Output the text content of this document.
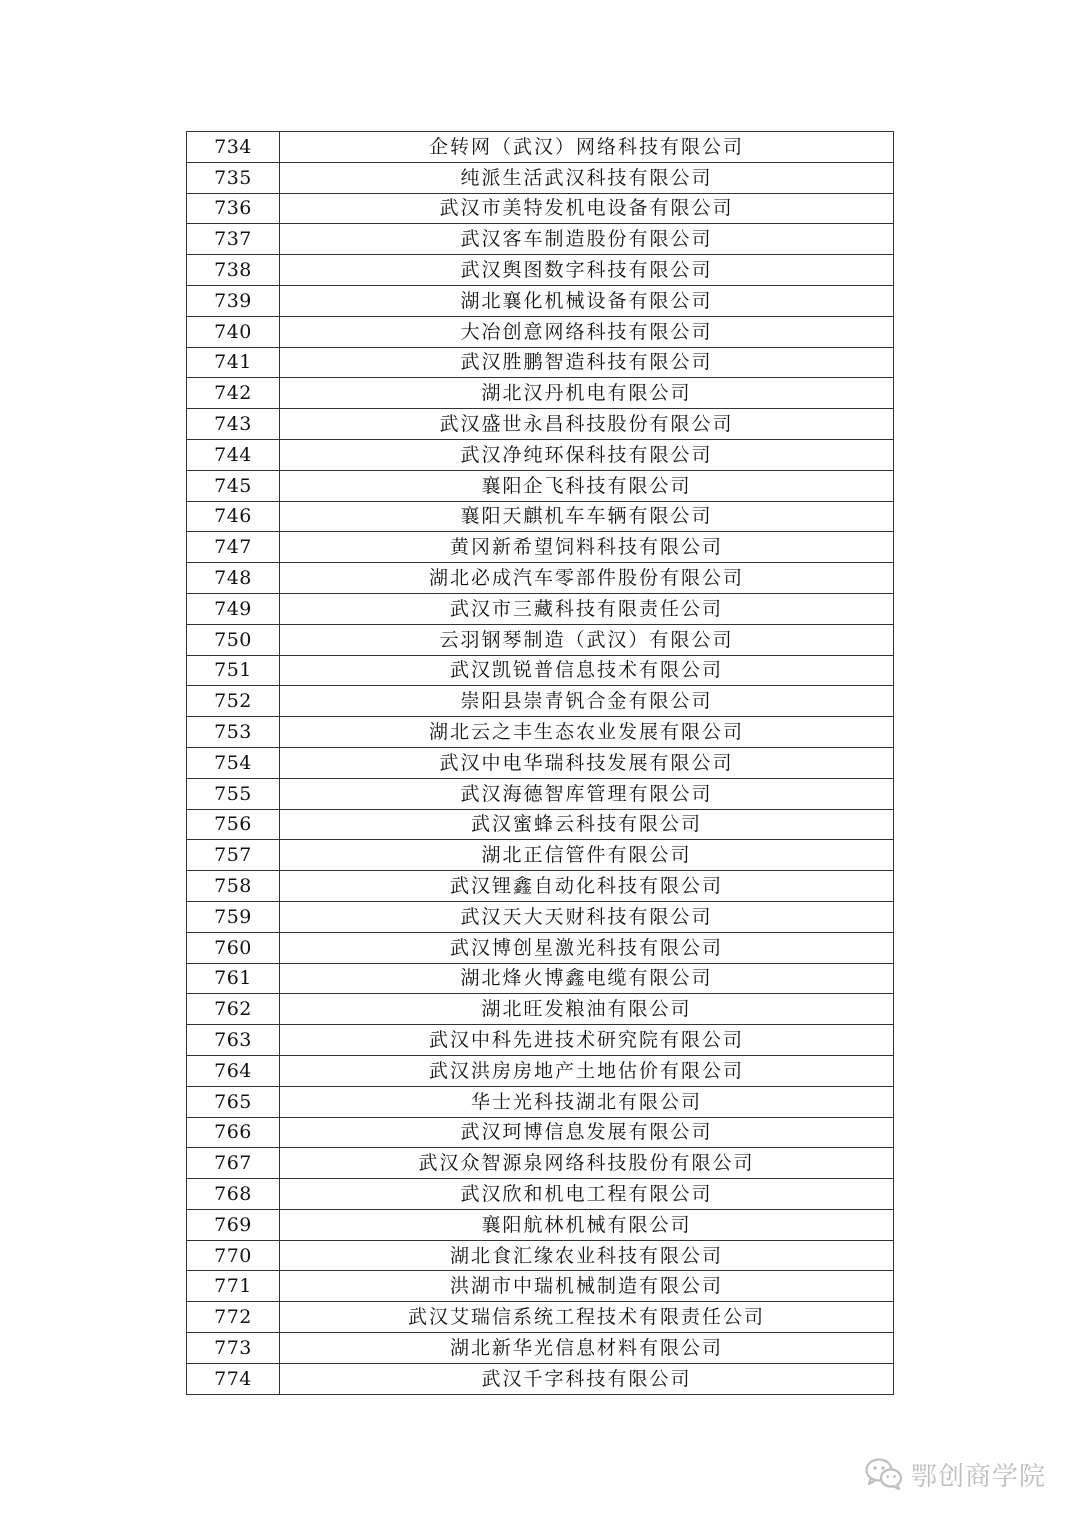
734	企转网（武汉）网络科技有限公司
735	纯派生活武汉科技有限公司
736	武汉市美特发机电设备有限公司
737	武汉客车制造股份有限公司
738	武汉舆图数字科技有限公司
739	湖北襄化机械设备有限公司
740	大冶创意网络科技有限公司
741	武汉胜鹏智造科技有限公司
742	湖北汉丹机电有限公司
743	武汉盛世永昌科技股份有限公司
744	武汉净纯环保科技有限公司
745	襄阳企飞科技有限公司
746	襄阳天麒机车车辆有限公司
747	黄冈新希望饲料科技有限公司
748	湖北必成汽车零部件股份有限公司
749	武汉市三藏科技有限责任公司
750	云羽钢琴制造（武汉）有限公司
751	武汉凯锐普信息技术有限公司
752	崇阳县崇青钒合金有限公司
753	湖北云之丰生态农业发展有限公司
754	武汉中电华瑞科技发展有限公司
755	武汉海德智库管理有限公司
756	武汉蜜蜂云科技有限公司
757	湖北正信管件有限公司
758	武汉锂鑫自动化科技有限公司
759	武汉天大天财科技有限公司
760	武汉博创星激光科技有限公司
761	湖北烽火博鑫电缆有限公司
762	湖北旺发粮油有限公司
763	武汉中科先进技术研究院有限公司
764	武汉洪房房地产土地估价有限公司
765	华士光科技湖北有限公司
766	武汉珂博信息发展有限公司
767	武汉众智源泉网络科技股份有限公司
768	武汉欣和机电工程有限公司
769	襄阳航林机械有限公司
770	湖北食汇缘农业科技有限公司
771	洪湖市中瑞机械制造有限公司
772	武汉艾瑞信系统工程技术有限责任公司
773	湖北新华光信息材料有限公司
774	武汉千字科技有限公司
鄂创商学院
